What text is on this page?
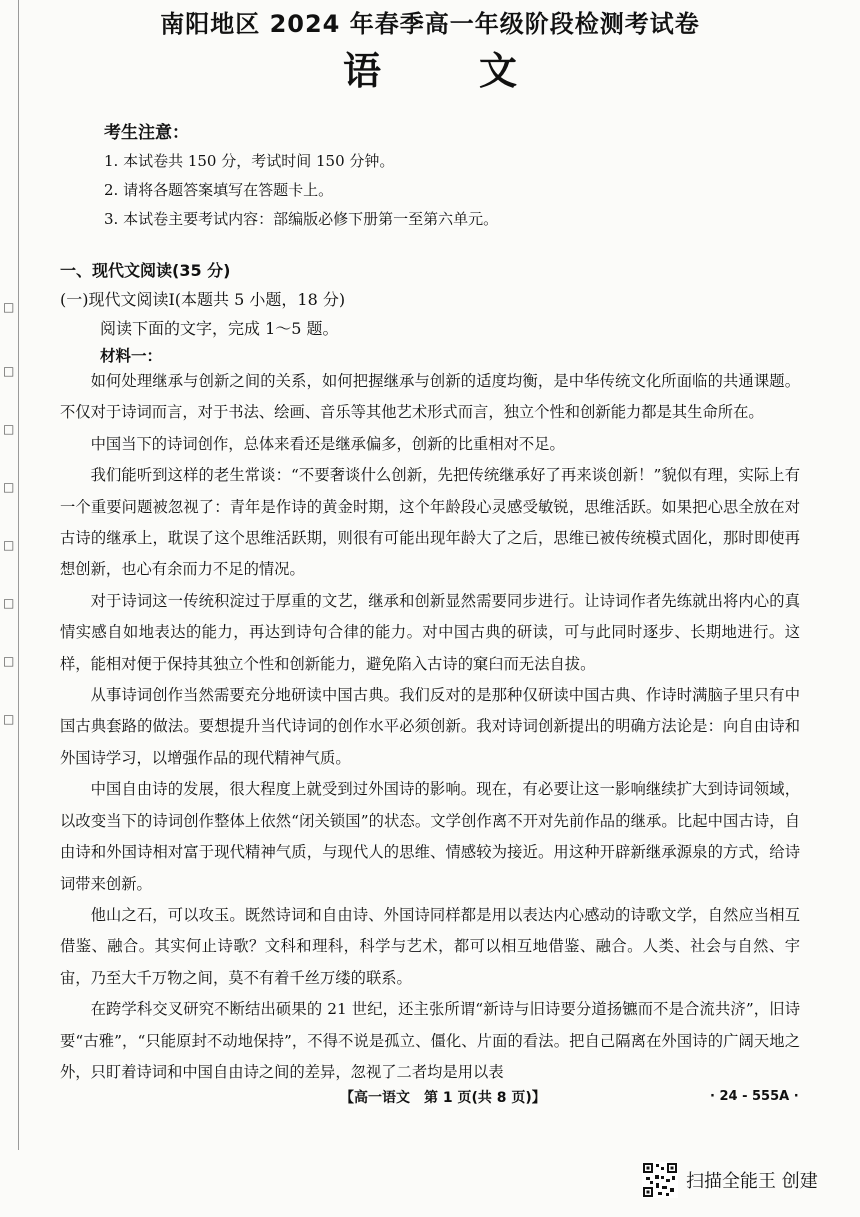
□
□
□
□
□
□
□
□
南阳地区 2024 年春季高一年级阶段检测考试卷
语文
考生注意：
1. 本试卷共 150 分，考试时间 150 分钟。
2. 请将各题答案填写在答题卡上。
3. 本试卷主要考试内容：部编版必修下册第一至第六单元。
一、现代文阅读(35 分)
(一)现代文阅读Ⅰ(本题共 5 小题，18 分)
阅读下面的文字，完成 1～5 题。
材料一：

如何处理继承与创新之间的关系，如何把握继承与创新的适度均衡，是中华传统文化所面临的共通课题。不仅对于诗词而言，对于书法、绘画、音乐等其他艺术形式而言，独立个性和创新能力都是其生命所在。

中国当下的诗词创作，总体来看还是继承偏多，创新的比重相对不足。

我们能听到这样的老生常谈：“不要奢谈什么创新，先把传统继承好了再来谈创新！”貌似有理，实际上有一个重要问题被忽视了：青年是作诗的黄金时期，这个年龄段心灵感受敏锐，思维活跃。如果把心思全放在对古诗的继承上，耽误了这个思维活跃期，则很有可能出现年龄大了之后，思维已被传统模式固化，那时即使再想创新，也心有余而力不足的情况。

对于诗词这一传统积淀过于厚重的文艺，继承和创新显然需要同步进行。让诗词作者先练就出将内心的真情实感自如地表达的能力，再达到诗句合律的能力。对中国古典的研读，可与此同时逐步、长期地进行。这样，能相对便于保持其独立个性和创新能力，避免陷入古诗的窠臼而无法自拔。

从事诗词创作当然需要充分地研读中国古典。我们反对的是那种仅研读中国古典、作诗时满脑子里只有中国古典套路的做法。要想提升当代诗词的创作水平必须创新。我对诗词创新提出的明确方法论是：向自由诗和外国诗学习，以增强作品的现代精神气质。

中国自由诗的发展，很大程度上就受到过外国诗的影响。现在，有必要让这一影响继续扩大到诗词领域，以改变当下的诗词创作整体上依然“闭关锁国”的状态。文学创作离不开对先前作品的继承。比起中国古诗，自由诗和外国诗相对富于现代精神气质，与现代人的思维、情感较为接近。用这种开辟新继承源泉的方式，给诗词带来创新。

他山之石，可以攻玉。既然诗词和自由诗、外国诗同样都是用以表达内心感动的诗歌文学，自然应当相互借鉴、融合。其实何止诗歌？文科和理科，科学与艺术，都可以相互地借鉴、融合。人类、社会与自然、宇宙，乃至大千万物之间，莫不有着千丝万缕的联系。

在跨学科交叉研究不断结出硕果的 21 世纪，还主张所谓“新诗与旧诗要分道扬镳而不是合流共济”，旧诗要“古雅”，“只能原封不动地保持”，不得不说是孤立、僵化、片面的看法。把自己隔离在外国诗的广阔天地之外，只盯着诗词和中国自由诗之间的差异，忽视了二者均是用以表

【高一语文　第 1 页(共 8 页)】	· 24 - 555A ·
扫描全能王 创建
